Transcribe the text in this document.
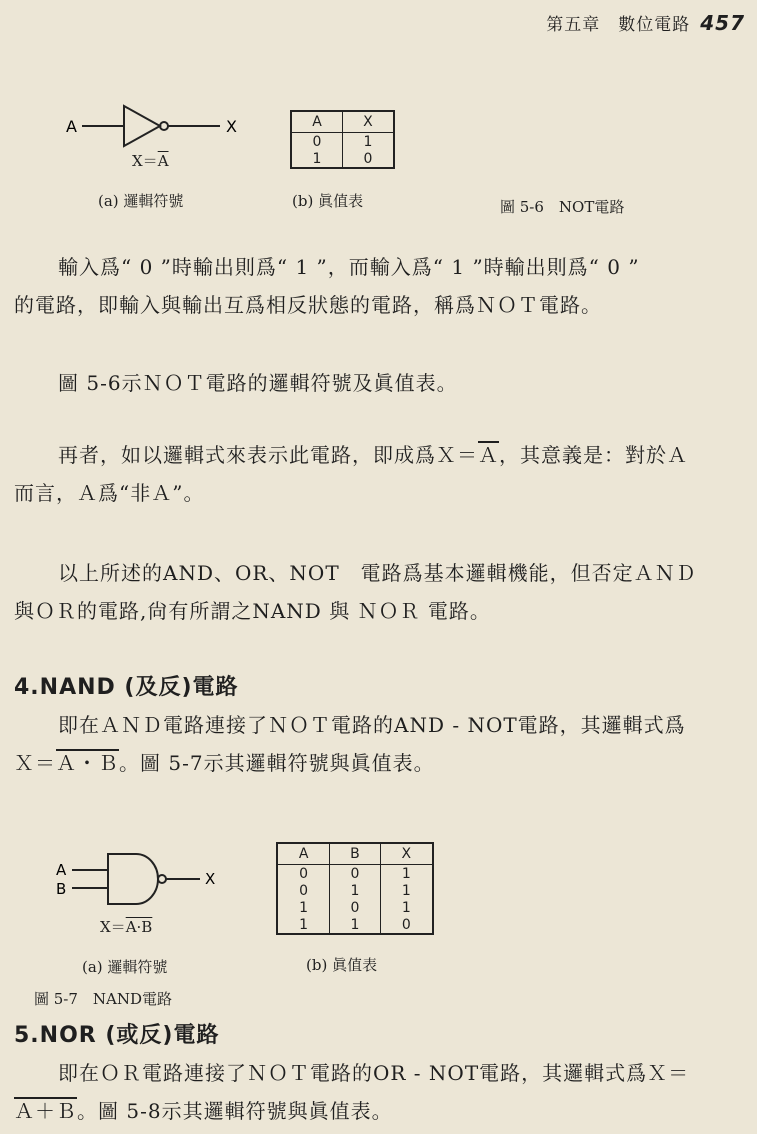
第五章　數位電路 457
A	X
$X=\overline{A}$
(a) 邏輯符號
A	X
0	1
1	0
(b) 眞值表	圖 5-6　NOT電路
輸入爲“ 0 ”時輸出則爲“ 1 ”，而輸入爲“ 1 ”時輸出則爲“ 0 ”
的電路，即輸入與輸出互爲相反狀態的電路，稱爲ＮＯＴ電路。
圖 5-6示ＮＯＴ電路的邏輯符號及眞值表。
再者，如以邏輯式來表示此電路，即成爲$X=\overline{A}$，其意義是：對於Ａ
而言，Ａ爲“非Ａ”。
以上所述的AND、OR、NOT　電路爲基本邏輯機能，但否定ＡＮＤ
與ＯＲ的電路,尙有所謂之NAND 與 ＮＯＲ 電路。
4.NAND (及反)電路
即在ＡＮＤ電路連接了ＮＯＴ電路的AND - NOT電路，其邏輯式爲
Ｘ＝Ａ・Ｂ。圖 5-7示其邏輯符號與眞值表。
A
B
X
X＝A·B
(a) 邏輯符號
A	B	X
0	0	1
0	1	1
1	0	1
1	1	0
(b) 眞值表
圖 5-7　NAND電路
5.NOR (或反)電路
即在ＯＲ電路連接了ＮＯＴ電路的OR - NOT電路，其邏輯式爲Ｘ＝
Ａ＋Ｂ。圖 5-8示其邏輯符號與眞值表。
